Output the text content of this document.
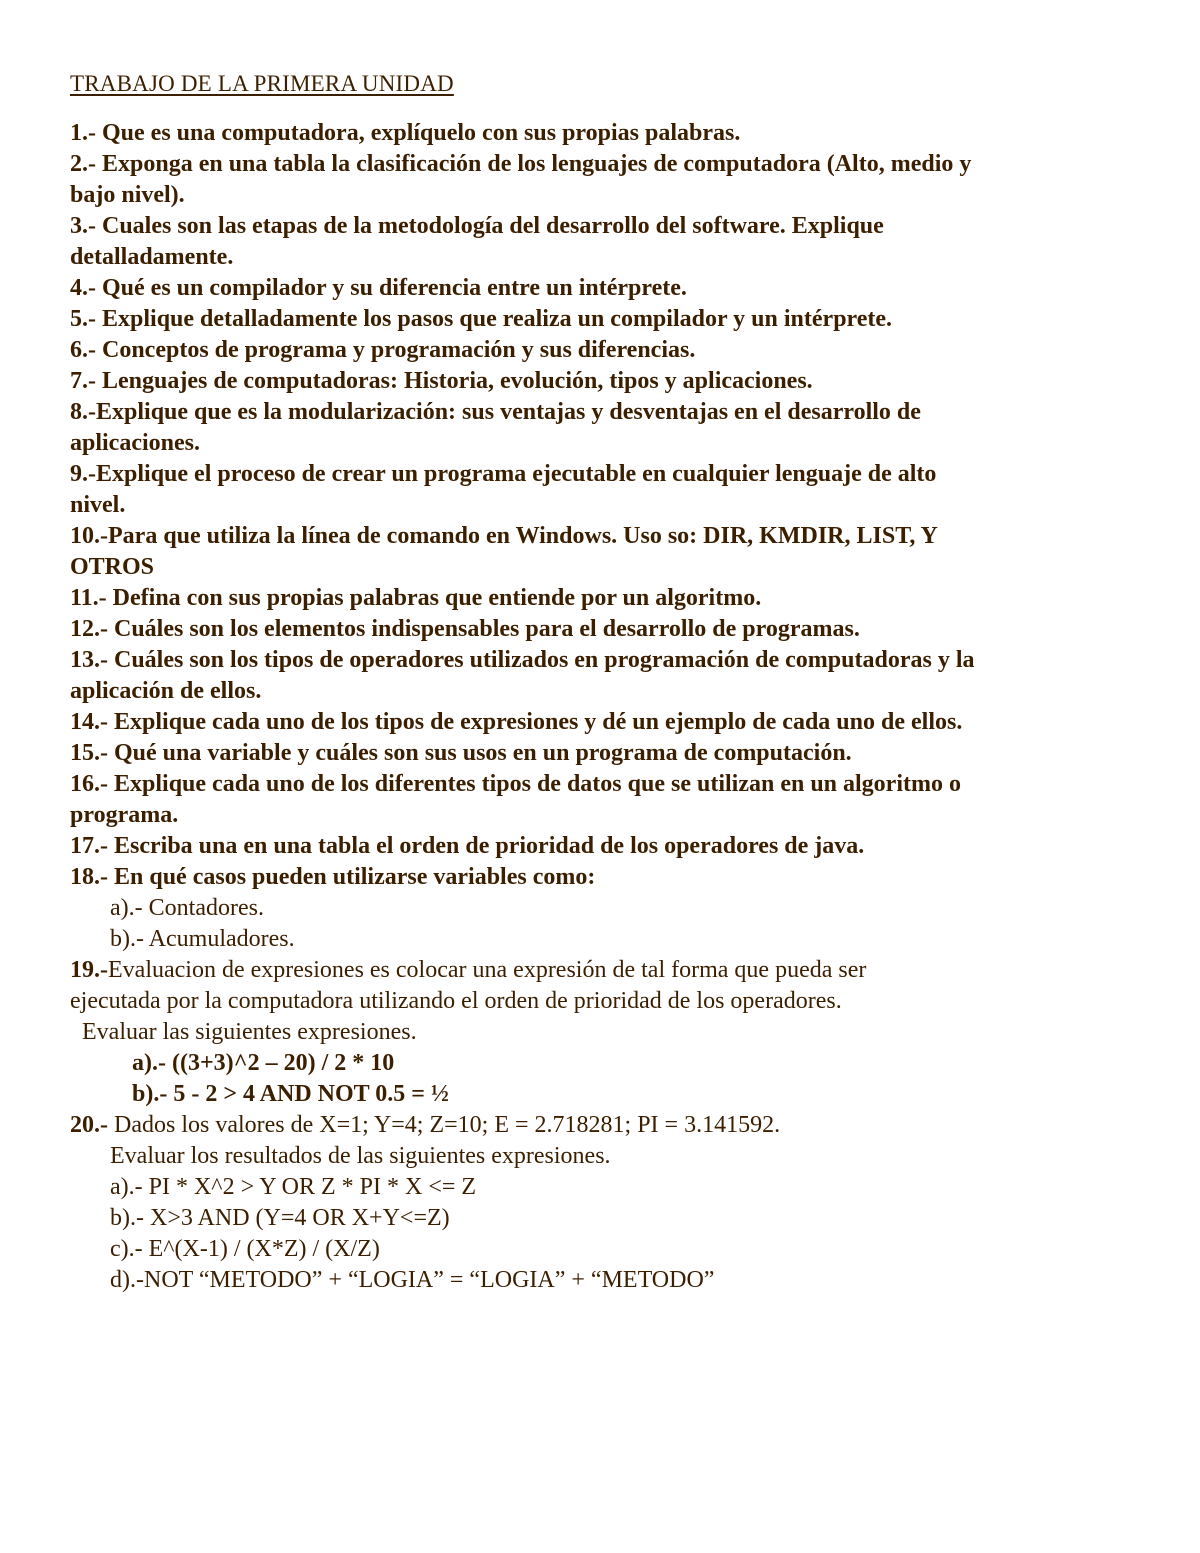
TRABAJO DE LA PRIMERA UNIDAD
1.- Que es una computadora, explíquelo con sus propias palabras.
2.- Exponga en una tabla la clasificación de los lenguajes de computadora (Alto, medio y
bajo nivel).
3.- Cuales son las etapas de la metodología del desarrollo del software. Explique
detalladamente.
4.- Qué es un compilador y su diferencia entre un intérprete.
5.- Explique detalladamente los pasos que realiza un compilador y un intérprete.
6.- Conceptos de programa y programación y sus diferencias.
7.- Lenguajes de computadoras: Historia, evolución, tipos y aplicaciones.
8.-Explique que es la modularización: sus ventajas y desventajas en el desarrollo de
aplicaciones.
9.-Explique el proceso de crear un programa ejecutable en cualquier lenguaje de alto
nivel.
10.-Para que utiliza la línea de comando en Windows. Uso so: DIR, KMDIR, LIST, Y
OTROS
11.- Defina con sus propias palabras que entiende por un algoritmo.
12.- Cuáles son los elementos indispensables para el desarrollo de programas.
13.- Cuáles son los tipos de operadores utilizados en programación de computadoras y la
aplicación de ellos.
14.- Explique cada uno de los tipos de expresiones y dé un ejemplo de cada uno de ellos.
15.- Qué una variable y cuáles son sus usos en un programa de computación.
16.- Explique cada uno de los diferentes tipos de datos que se utilizan en un algoritmo o
programa.
17.- Escriba una en una tabla el orden de prioridad de los operadores de java.
18.- En qué casos pueden utilizarse variables como:
a).- Contadores.
b).- Acumuladores.
19.-Evaluacion de expresiones es colocar una expresión de tal forma que pueda ser
ejecutada por la computadora utilizando el orden de prioridad de los operadores.
Evaluar las siguientes expresiones.
a).- ((3+3)^2 – 20) / 2 * 10
b).- 5 - 2 > 4 AND NOT 0.5 = ½
20.- Dados los valores de X=1; Y=4; Z=10; E = 2.718281; PI = 3.141592.
Evaluar los resultados de las siguientes expresiones.
a).- PI * X^2 > Y OR Z * PI * X <= Z
b).- X>3 AND (Y=4 OR X+Y<=Z)
c).- E^(X-1) / (X*Z) / (X/Z)
d).-NOT “METODO” + “LOGIA” = “LOGIA” + “METODO”
